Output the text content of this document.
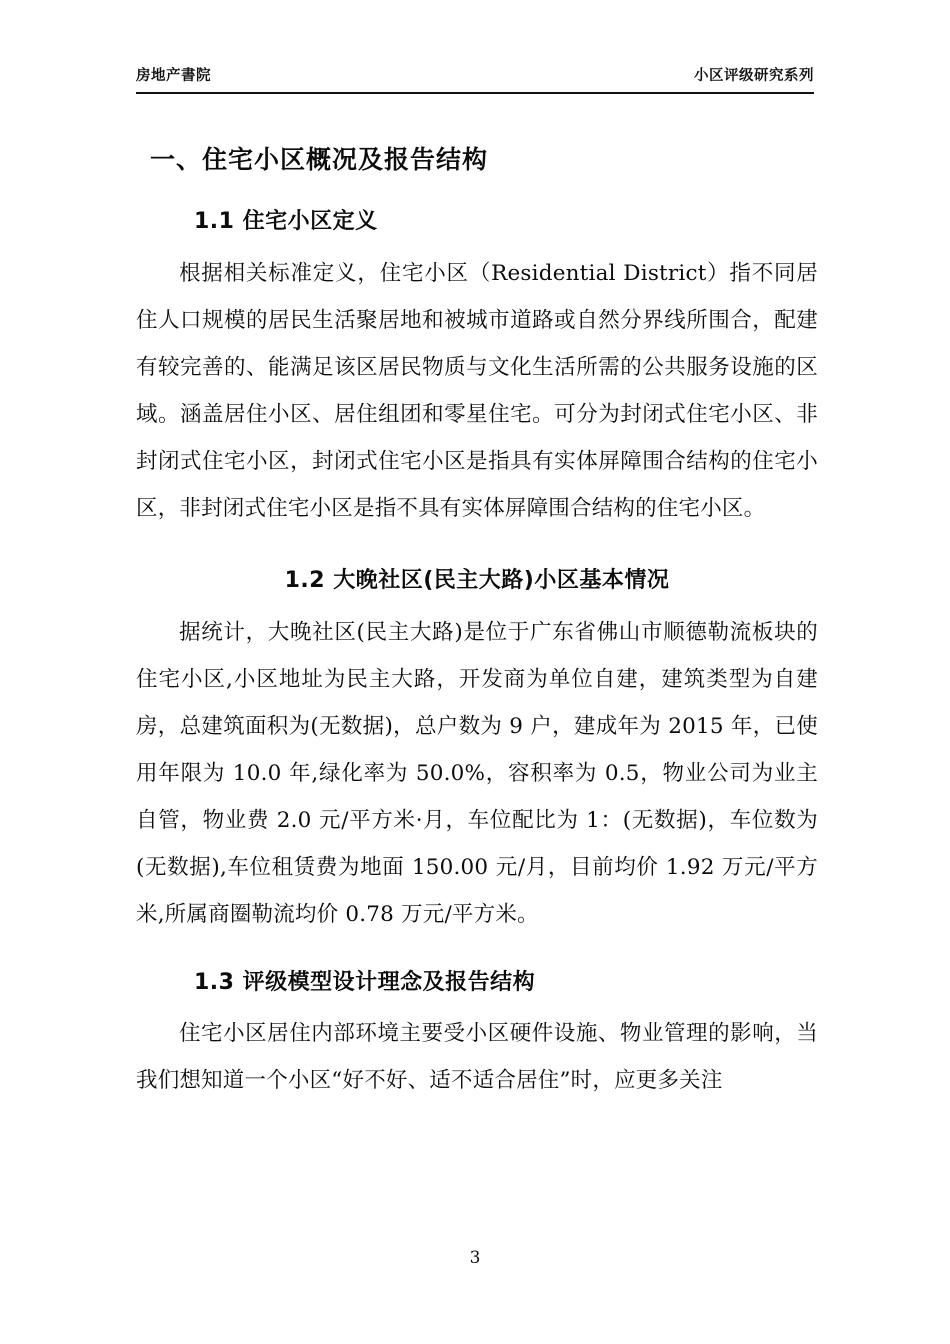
房地产書院	小区评级研究系列
一、住宅小区概况及报告结构
1.1 住宅小区定义

根据相关标准定义，住宅小区（Residential District）指不同居住人口规模的居民生活聚居地和被城市道路或自然分界线所围合，配建有较完善的、能满足该区居民物质与文化生活所需的公共服务设施的区域。涵盖居住小区、居住组团和零星住宅。可分为封闭式住宅小区、非封闭式住宅小区，封闭式住宅小区是指具有实体屏障围合结构的住宅小区，非封闭式住宅小区是指不具有实体屏障围合结构的住宅小区。

1.2 大晚社区(民主大路)小区基本情况

据统计，大晚社区(民主大路)是位于广东省佛山市顺德勒流板块的住宅小区,小区地址为民主大路，开发商为单位自建，建筑类型为自建房，总建筑面积为(无数据)，总户数为 9 户，建成年为 2015 年，已使用年限为 10.0 年,绿化率为 50.0%，容积率为 0.5，物业公司为业主自管，物业费 2.0 元/平方米·月，车位配比为 1：(无数据)，车位数为(无数据),车位租赁费为地面 150.00 元/月，目前均价 1.92 万元/平方米,所属商圈勒流均价 0.78 万元/平方米。

1.3 评级模型设计理念及报告结构

住宅小区居住内部环境主要受小区硬件设施、物业管理的影响，当我们想知道一个小区“好不好、适不适合居住”时，应更多关注

3
